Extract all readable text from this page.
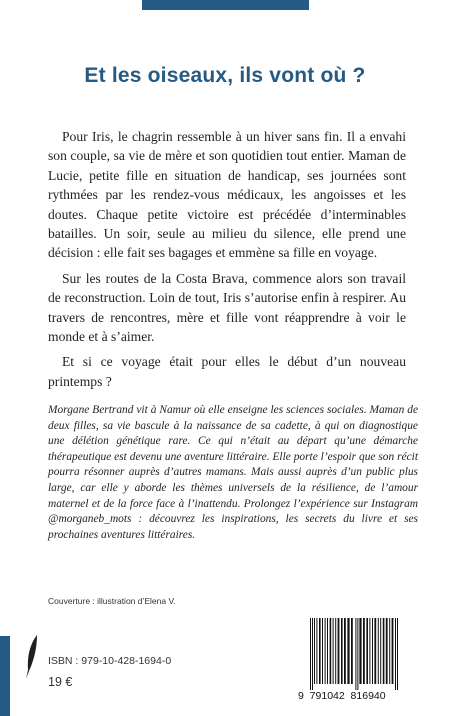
Et les oiseaux, ils vont où ?

Pour Iris, le chagrin ressemble à un hiver sans fin. Il a envahi son couple, sa vie de mère et son quotidien tout entier. Maman de Lucie, petite fille en situation de handicap, ses journées sont rythmées par les rendez-vous médicaux, les angoisses et les doutes. Chaque petite victoire est précédée d’interminables batailles. Un soir, seule au milieu du silence, elle prend une décision : elle fait ses bagages et emmène sa fille en voyage.

Sur les routes de la Costa Brava, commence alors son travail de reconstruction. Loin de tout, Iris s’autorise enfin à respirer. Au travers de rencontres, mère et fille vont réapprendre à voir le monde et à s’aimer.

Et si ce voyage était pour elles le début d’un nouveau printemps ?

Morgane Bertrand vit à Namur où elle enseigne les sciences sociales. Maman de deux filles, sa vie bascule à la naissance de sa cadette, à qui on diagnostique une délétion génétique rare. Ce qui n’était au départ qu’une démarche thérapeutique est devenu une aventure littéraire. Elle porte l’espoir que son récit pourra résonner auprès d’autres mamans. Mais aussi auprès d’un public plus large, car elle y aborde les thèmes universels de la résilience, de l’amour maternel et de la force face à l’inattendu. Prolongez l’expérience sur Instagram @morganeb_mots : découvrez les inspirations, les secrets du livre et ses prochaines aventures littéraires.

Couverture : illustration d’Elena V.
ISBN : 979-10-428-1694-0
19 €
9  791042  816940
